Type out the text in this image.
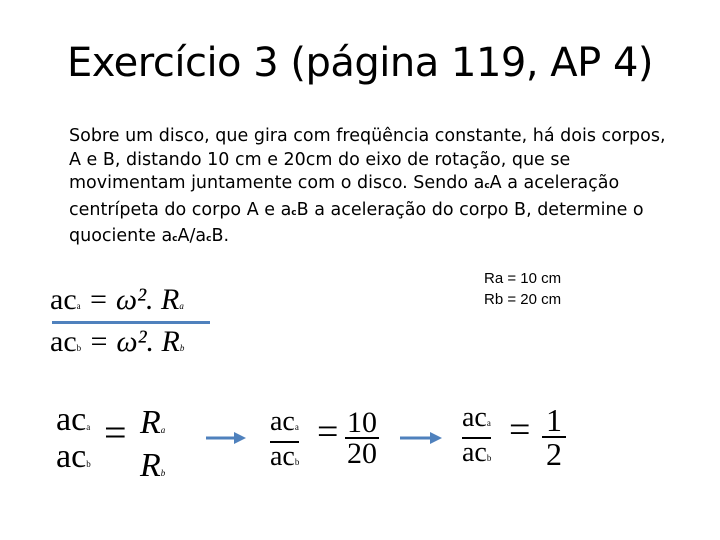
Exercício 3 (página 119, AP 4)
Sobre um disco, que gira com freqüência constante, há dois corpos,
A e B, distando 10 cm e 20cm do eixo de rotação, que se
movimentam juntamente com o disco. Sendo acA a aceleração
centrípeta do corpo A e acB a aceleração do corpo B, determine o
quociente acA/acB.
Ra = 10 cm
Rb = 20 cm
aca = ω². Ra
acb = ω². Rb
aca
acb
= Ra
Rb
aca
acb
= $\frac{10}{20}$	aca
acb
= $\frac{1}{2}$
